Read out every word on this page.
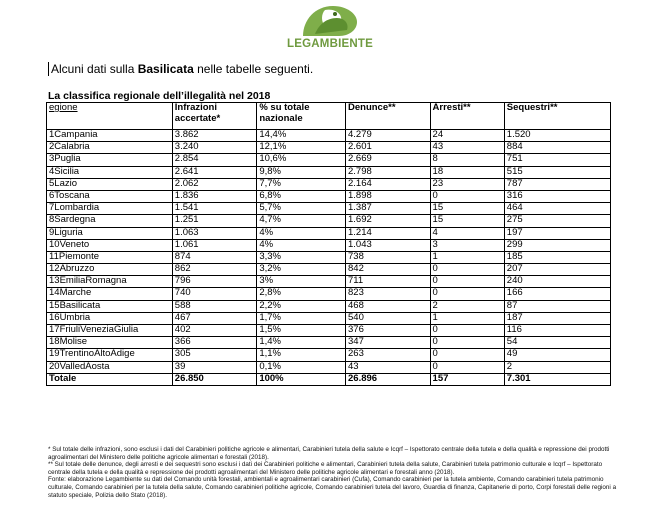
LEGAMBIENTE
Alcuni dati sulla Basilicata nelle tabelle seguenti.
La classifica regionale dell’illegalità nel 2018
egione	Infrazioni accertate*	% su totale nazionale	Denunce**	Arresti**	Sequestri**
1Campania	3.862	14,4%	4.279	24	1.520
2Calabria	3.240	12,1%	2.601	43	884
3Puglia	2.854	10,6%	2.669	8	751
4Sicilia	2.641	9,8%	2.798	18	515
5Lazio	2.062	7,7%	2.164	23	787
6Toscana	1.836	6,8%	1.898	0	316
7Lombardia	1.541	5,7%	1.387	15	464
8Sardegna	1.251	4,7%	1.692	15	275
9Liguria	1.063	4%	1.214	4	197
10Veneto	1.061	4%	1.043	3	299
11Piemonte	874	3,3%	738	1	185
12Abruzzo	862	3,2%	842	0	207
13EmiliaRomagna	796	3%	711	0	240
14Marche	740	2,8%	823	0	166
15Basilicata	588	2,2%	468	2	87
16Umbria	467	1,7%	540	1	187
17FriuliVeneziaGiulia	402	1,5%	376	0	116
18Molise	366	1,4%	347	0	54
19TrentinoAltoAdige	305	1,1%	263	0	49
20ValledAosta	39	0,1%	43	0	2
Totale	26.850	100%	26.896	157	7.301

* Sul totale delle infrazioni, sono esclusi i dati del Carabinieri politiche agricole e alimentari, Carabinieri tutela della salute e Icqrf – Ispettorato centrale della tutela e della qualità e repressione dei prodotti agroalimentari del Ministero delle politiche agricole alimentari e forestali (2018).

** Sul totale delle denunce, degli arresti e dei sequestri sono esclusi i dati dei Carabinieri politiche e alimentari, Carabinieri tutela della salute, Carabinieri tutela patrimonio culturale e Icqrf – Ispettorato centrale della tutela e della qualità e repressione dei prodotti agroalimentari del Ministero delle politiche agricole alimentari e forestali anno (2018).

Fonte: elaborazione Legambiente su dati del Comando unità forestali, ambientali e agroalimentari carabinieri (Cufa), Comando carabinieri per la tutela ambiente, Comando carabinieri tutela patrimonio culturale, Comando carabinieri per la tutela della salute, Comando carabinieri politiche agricole, Comando carabinieri tutela del lavoro, Guardia di finanza, Capitanerie di porto, Corpi forestali delle regioni a statuto speciale, Polizia dello Stato (2018).
